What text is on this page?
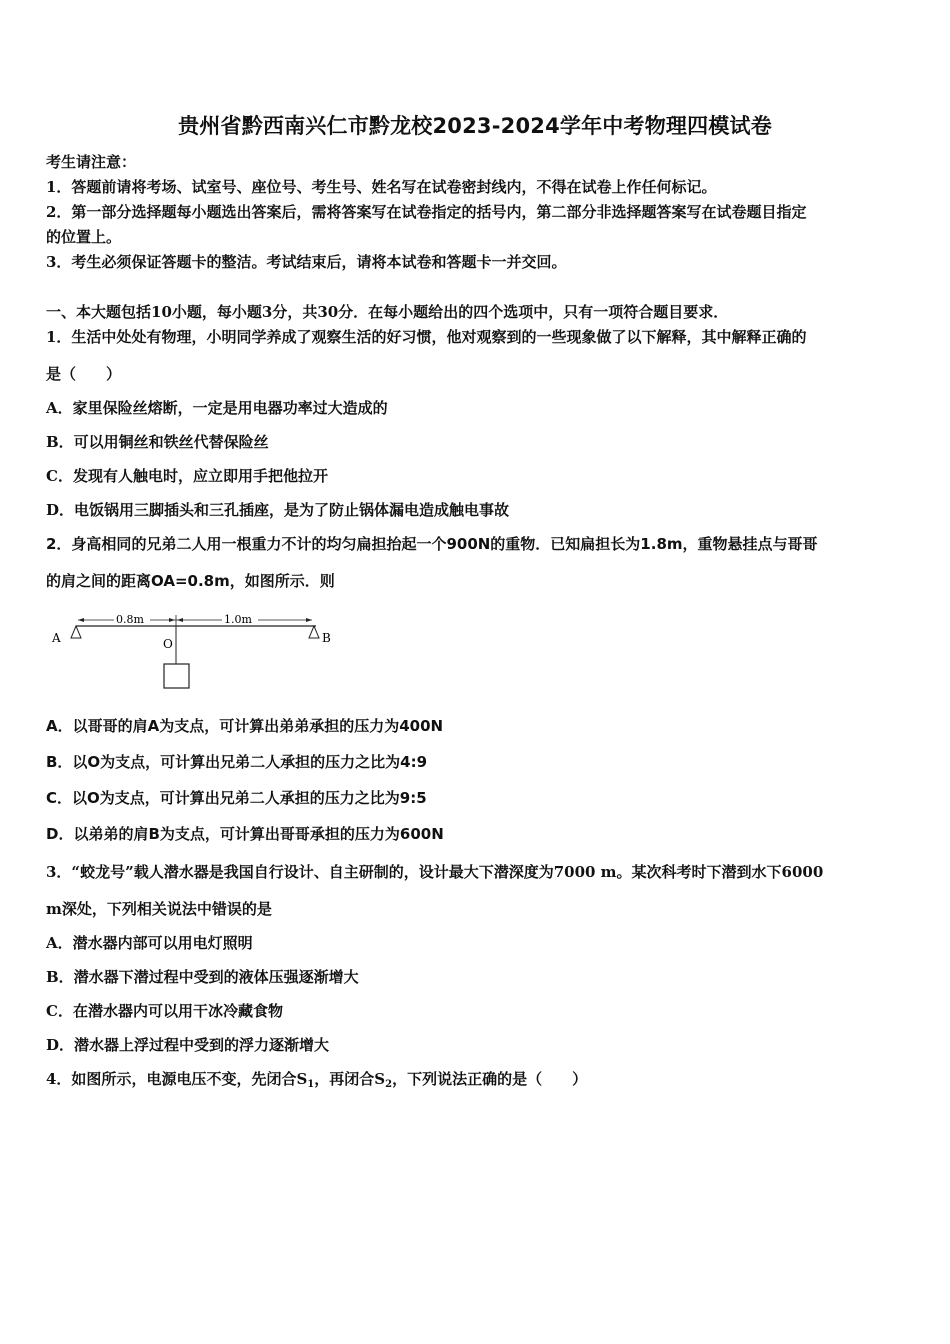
贵州省黔西南兴仁市黔龙校2023-2024学年中考物理四模试卷
考生请注意：
1．答题前请将考场、试室号、座位号、考生号、姓名写在试卷密封线内，不得在试卷上作任何标记。
2．第一部分选择题每小题选出答案后，需将答案写在试卷指定的括号内，第二部分非选择题答案写在试卷题目指定
的位置上。
3．考生必须保证答题卡的整洁。考试结束后，请将本试卷和答题卡一并交回。
一、本大题包括10小题，每小题3分，共30分．在每小题给出的四个选项中，只有一项符合题目要求．
1．生活中处处有物理，小明同学养成了观察生活的好习惯，他对观察到的一些现象做了以下解释，其中解释正确的
是（　　）
A．家里保险丝熔断，一定是用电器功率过大造成的
B．可以用铜丝和铁丝代替保险丝
C．发现有人触电时，应立即用手把他拉开
D．电饭锅用三脚插头和三孔插座，是为了防止锅体漏电造成触电事故
2．身高相同的兄弟二人用一根重力不计的均匀扁担抬起一个900N的重物．已知扁担长为1.8m，重物悬挂点与哥哥
的肩之间的距离OA=0.8m，如图所示．则
A	O	B
0.8m	1.0m
A．以哥哥的肩A为支点，可计算出弟弟承担的压力为400N
B．以O为支点，可计算出兄弟二人承担的压力之比为4:9
C．以O为支点，可计算出兄弟二人承担的压力之比为9:5
D．以弟弟的肩B为支点，可计算出哥哥承担的压力为600N
3．“蛟龙号”载人潜水器是我国自行设计、自主研制的，设计最大下潜深度为7000 m。某次科考时下潜到水下6000
m深处，下列相关说法中错误的是
A．潜水器内部可以用电灯照明
B．潜水器下潜过程中受到的液体压强逐渐增大
C．在潜水器内可以用干冰冷藏食物
D．潜水器上浮过程中受到的浮力逐渐增大
4．如图所示，电源电压不变，先闭合$S_1$，再闭合$S_2$，下列说法正确的是（　　）
